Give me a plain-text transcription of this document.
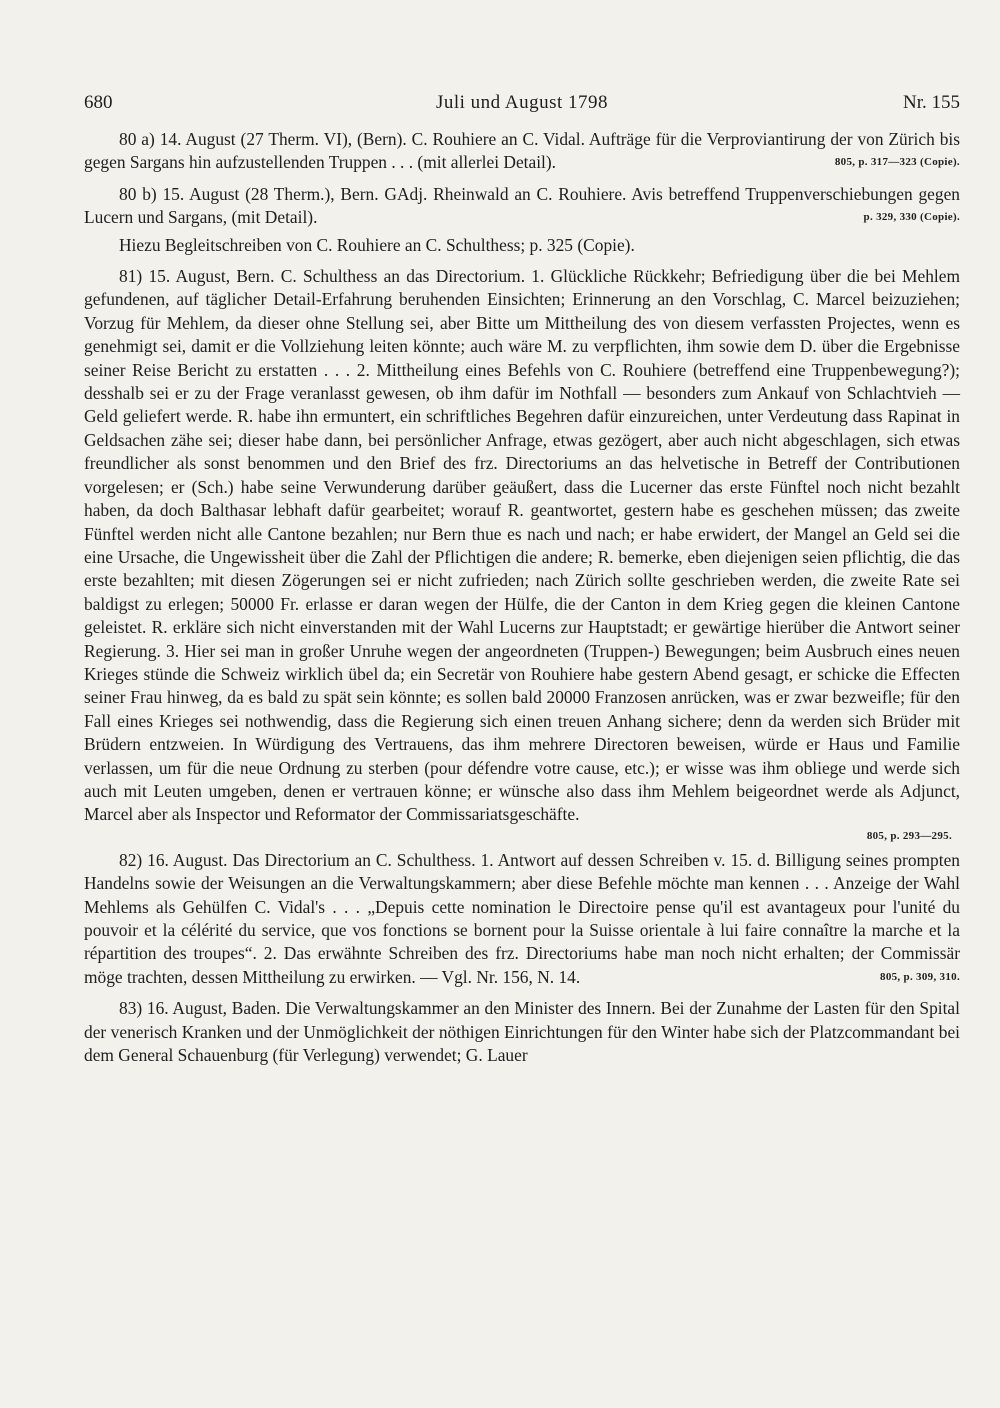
680	Juli und August 1798	Nr. 155

80 a) 14. August (27 Therm. VI), (Bern). C. Rouhiere an C. Vidal. Aufträge für die Verproviantirung der von Zürich bis gegen Sargans hin aufzustellenden Truppen . . . (mit allerlei Detail).	805, p. 317—323 (Copie).

80 b) 15. August (28 Therm.), Bern. GAdj. Rheinwald an C. Rouhiere. Avis betreffend Truppenverschiebungen gegen Lucern und Sargans, (mit Detail).	p. 329, 330 (Copie).

Hiezu Begleitschreiben von C. Rouhiere an C. Schulthess; p. 325 (Copie).

81) 15. August, Bern. C. Schulthess an das Directorium. 1. Glückliche Rückkehr; Befriedigung über die bei Mehlem gefundenen, auf täglicher Detail-Erfahrung beruhenden Einsichten; Erinnerung an den Vorschlag, C. Marcel beizuziehen; Vorzug für Mehlem, da dieser ohne Stellung sei, aber Bitte um Mittheilung des von diesem verfassten Projectes, wenn es genehmigt sei, damit er die Vollziehung leiten könnte; auch wäre M. zu verpflichten, ihm sowie dem D. über die Ergebnisse seiner Reise Bericht zu erstatten . . . 2. Mittheilung eines Befehls von C. Rouhiere (betreffend eine Truppenbewegung?); desshalb sei er zu der Frage veranlasst gewesen, ob ihm dafür im Nothfall — besonders zum Ankauf von Schlachtvieh — Geld geliefert werde. R. habe ihn ermuntert, ein schriftliches Begehren dafür einzureichen, unter Verdeutung dass Rapinat in Geldsachen zähe sei; dieser habe dann, bei persönlicher Anfrage, etwas gezögert, aber auch nicht abgeschlagen, sich etwas freundlicher als sonst benommen und den Brief des frz. Directoriums an das helvetische in Betreff der Contributionen vorgelesen; er (Sch.) habe seine Verwunderung darüber geäußert, dass die Lucerner das erste Fünftel noch nicht bezahlt haben, da doch Balthasar lebhaft dafür gearbeitet; worauf R. geantwortet, gestern habe es geschehen müssen; das zweite Fünftel werden nicht alle Cantone bezahlen; nur Bern thue es nach und nach; er habe erwidert, der Mangel an Geld sei die eine Ursache, die Ungewissheit über die Zahl der Pflichtigen die andere; R. bemerke, eben diejenigen seien pflichtig, die das erste bezahlten; mit diesen Zögerungen sei er nicht zufrieden; nach Zürich sollte geschrieben werden, die zweite Rate sei baldigst zu erlegen; 50000 Fr. erlasse er daran wegen der Hülfe, die der Canton in dem Krieg gegen die kleinen Cantone geleistet. R. erkläre sich nicht einverstanden mit der Wahl Lucerns zur Hauptstadt; er gewärtige hierüber die Antwort seiner Regierung. 3. Hier sei man in großer Unruhe wegen der angeordneten (Truppen-) Bewegungen; beim Ausbruch eines neuen Krieges stünde die Schweiz wirklich übel da; ein Secretär von Rouhiere habe gestern Abend gesagt, er schicke die Effecten seiner Frau hinweg, da es bald zu spät sein könnte; es sollen bald 20000 Franzosen anrücken, was er zwar bezweifle; für den Fall eines Krieges sei nothwendig, dass die Regierung sich einen treuen Anhang sichere; denn da werden sich Brüder mit Brüdern entzweien. In Würdigung des Vertrauens, das ihm mehrere Directoren beweisen, würde er Haus und Familie verlassen, um für die neue Ordnung zu sterben (pour défendre votre cause, etc.); er wisse was ihm obliege und werde sich auch mit Leuten umgeben, denen er vertrauen könne; er wünsche also dass ihm Mehlem beigeordnet werde als Adjunct, Marcel aber als Inspector und Reformator der Commissariatsgeschäfte.

805, p. 293—295.

82) 16. August. Das Directorium an C. Schulthess. 1. Antwort auf dessen Schreiben v. 15. d. Billigung seines prompten Handelns sowie der Weisungen an die Verwaltungskammern; aber diese Befehle möchte man kennen . . . Anzeige der Wahl Mehlems als Gehülfen C. Vidal's . . . „Depuis cette nomination le Directoire pense qu'il est avantageux pour l'unité du pouvoir et la célérité du service, que vos fonctions se bornent pour la Suisse orientale à lui faire connaître la marche et la répartition des troupes“. 2. Das erwähnte Schreiben des frz. Directoriums habe man noch nicht erhalten; der Commissär möge trachten, dessen Mittheilung zu erwirken. — Vgl. Nr. 156, N. 14.	805, p. 309, 310.

83) 16. August, Baden. Die Verwaltungskammer an den Minister des Innern. Bei der Zunahme der Lasten für den Spital der venerisch Kranken und der Unmöglichkeit der nöthigen Einrichtungen für den Winter habe sich der Platzcommandant bei dem General Schauenburg (für Verlegung) verwendet; G. Lauer
